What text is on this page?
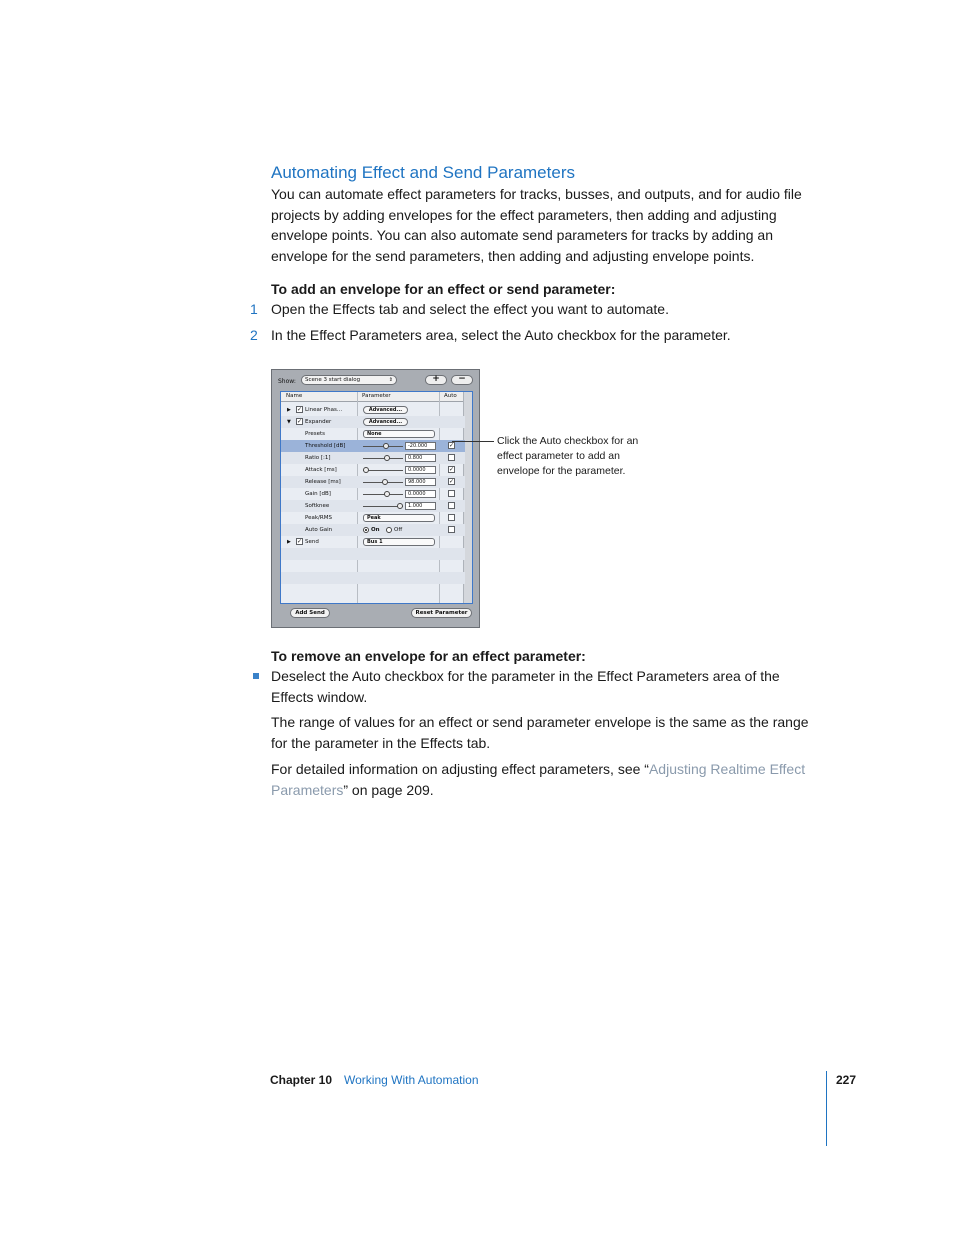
Automating Effect and Send Parameters
You can automate effect parameters for tracks, busses, and outputs, and for audio file projects by adding envelopes for the effect parameters, then adding and adjusting envelope points. You can also automate send parameters for tracks by adding an envelope for the send parameters, then adding and adjusting envelope points.
To add an envelope for an effect or send parameter:
1 Open the Effects tab and select the effect you want to automate.
2 In the Effect Parameters area, select the Auto checkbox for the parameter.
Show:	Scene 3 start dialog	⇕	+	−
Name	Parameter	Auto
▶ ✓ Linear Phas...	Advanced...
▼ ✓ Expander	Advanced...
Presets	None
Threshold [dB]	-20.000	✓
Ratio [:1]	0.800
Attack [ms]	0.0000	✓
Release [ms]	98.000	✓
Gain [dB]	0.0000
Softknee	1.000
Peak/RMS	Peak
Auto Gain	On	Off
▶ ✓ Send	Bus 1
Add Send	Reset Parameter
Click the Auto checkbox for an effect parameter to add an envelope for the parameter.
To remove an envelope for an effect parameter:
Deselect the Auto checkbox for the parameter in the Effect Parameters area of the Effects window.
The range of values for an effect or send parameter envelope is the same as the range for the parameter in the Effects tab.
For detailed information on adjusting effect parameters, see “Adjusting Realtime Effect Parameters” on page 209.
Chapter 10 Working With Automation	227
